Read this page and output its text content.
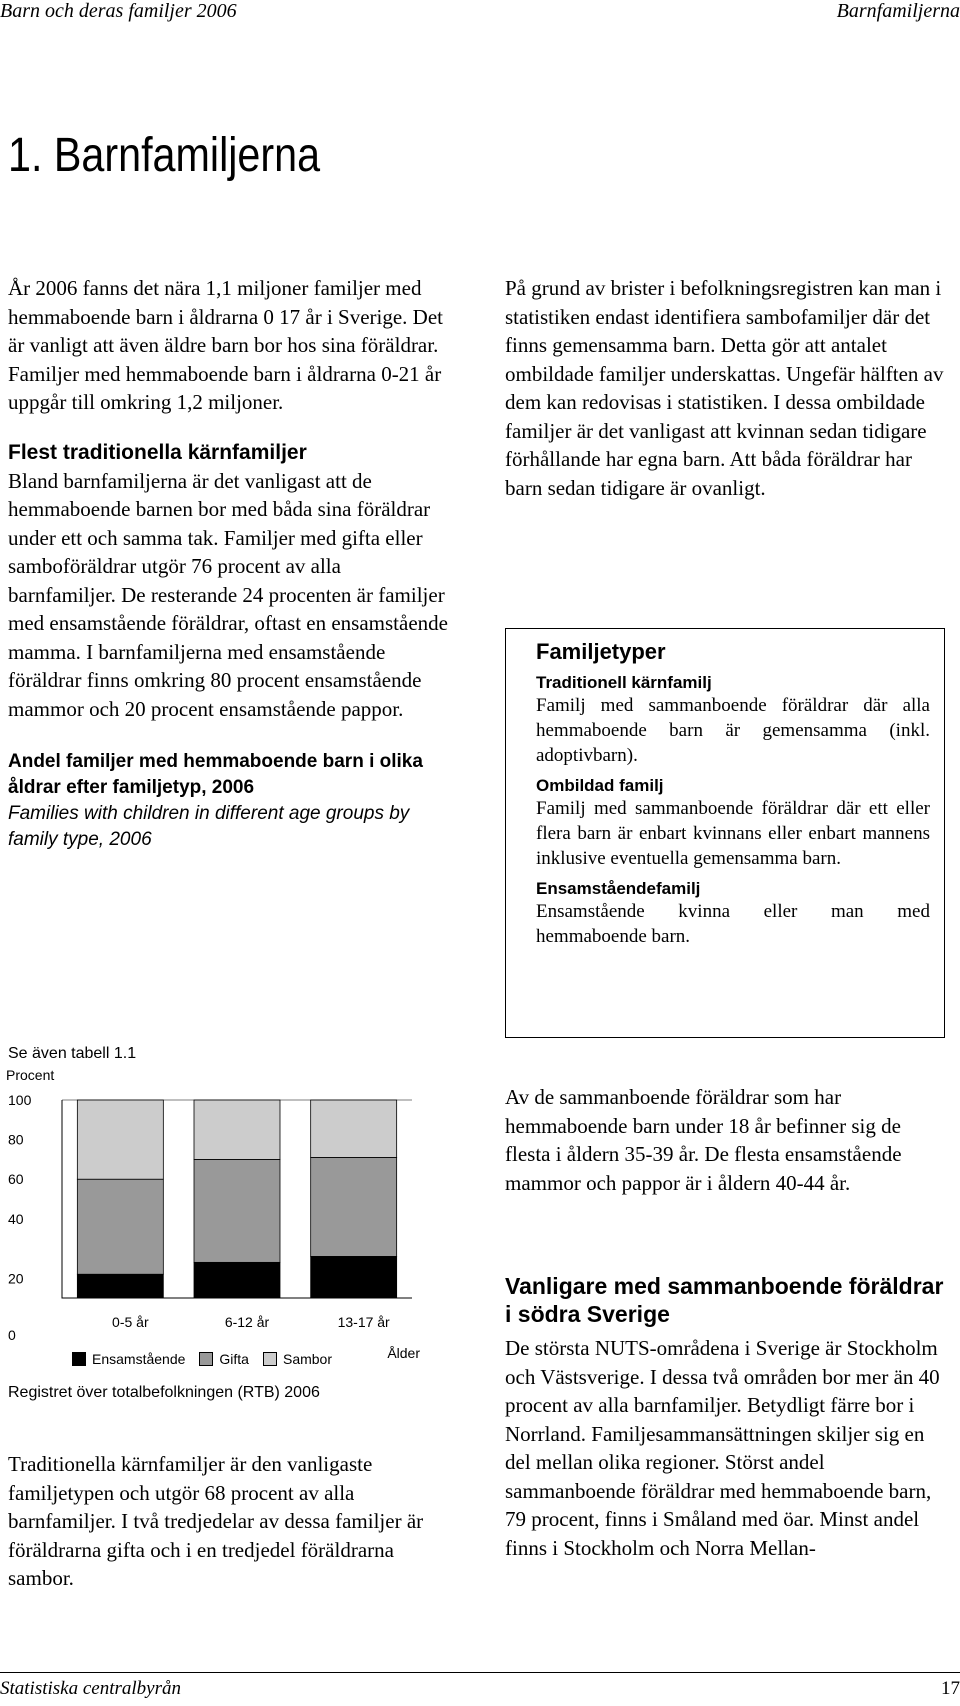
Barn och deras familjer 2006	Barnfamiljerna
1. Barnfamiljerna

År 2006 fanns det nära 1,1 miljoner familjer med hemmaboende barn i åldrarna 0 17 år i Sverige. Det är vanligt att även äldre barn bor hos sina föräldrar. Familjer med hemmaboende barn i åldrarna 0-21 år uppgår till omkring 1,2 miljoner.

Flest traditionella kärnfamiljer

Bland barnfamiljerna är det vanligast att de hemmaboende barnen bor med båda sina föräldrar under ett och samma tak. Familjer med gifta eller samboföräldrar utgör 76 procent av alla barnfamiljer. De resterande 24 procenten är familjer med ensamstående föräldrar, oftast en ensamstående mamma. I barnfamiljerna med ensamstående föräldrar finns omkring 80 procent ensamstående mammor och 20 procent ensamstående pappor.

Andel familjer med hemmaboende barn i olika åldrar efter familjetyp, 2006
Families with children in different age groups by family type, 2006
Se även tabell 1.1
Procent
100
80
60
40
20
0
0-5 år	6-12 år	13-17 år
Ålder
Ensamstående Gifta Sambor
Registret över totalbefolkningen (RTB) 2006
Traditionella kärnfamiljer är den vanligaste familjetypen och utgör 68 procent av alla barnfamiljer. I två tredjedelar av dessa familjer är föräldrarna gifta och i en tredjedel föräldrarna sambor.
På grund av brister i befolkningsregistren kan man i statistiken endast identifiera sambofamiljer där det finns gemensamma barn. Detta gör att antalet ombildade familjer underskattas. Ungefär hälften av dem kan redovisas i statistiken. I dessa ombildade familjer är det vanligast att kvinnan sedan tidigare förhållande har egna barn. Att båda föräldrar har barn sedan tidigare är ovanligt.
Familjetyper
Traditionell kärnfamilj
Familj med sammanboende föräldrar där alla hemmaboende barn är gemensamma (inkl. adoptivbarn).
Ombildad familj
Familj med sammanboende föräldrar där ett eller flera barn är enbart kvinnans eller enbart mannens inklusive eventuella gemensamma barn.
Ensamståendefamilj
Ensamstående kvinna eller man med hemmaboende barn.
Av de sammanboende föräldrar som har hemmaboende barn under 18 år befinner sig de flesta i åldern 35-39 år. De flesta ensamstående mammor och pappor är i åldern 40-44 år.
Vanligare med sammanboende föräldrar i södra Sverige
De största NUTS-områdena i Sverige är Stockholm och Västsverige. I dessa två områden bor mer än 40 procent av alla barnfamiljer. Betydligt färre bor i Norrland. Familjesammansättningen skiljer sig en del mellan olika regioner. Störst andel sammanboende föräldrar med hemmaboende barn, 79 procent, finns i Småland med öar. Minst andel finns i Stockholm och Norra Mellan-
Statistiska centralbyrån	17
